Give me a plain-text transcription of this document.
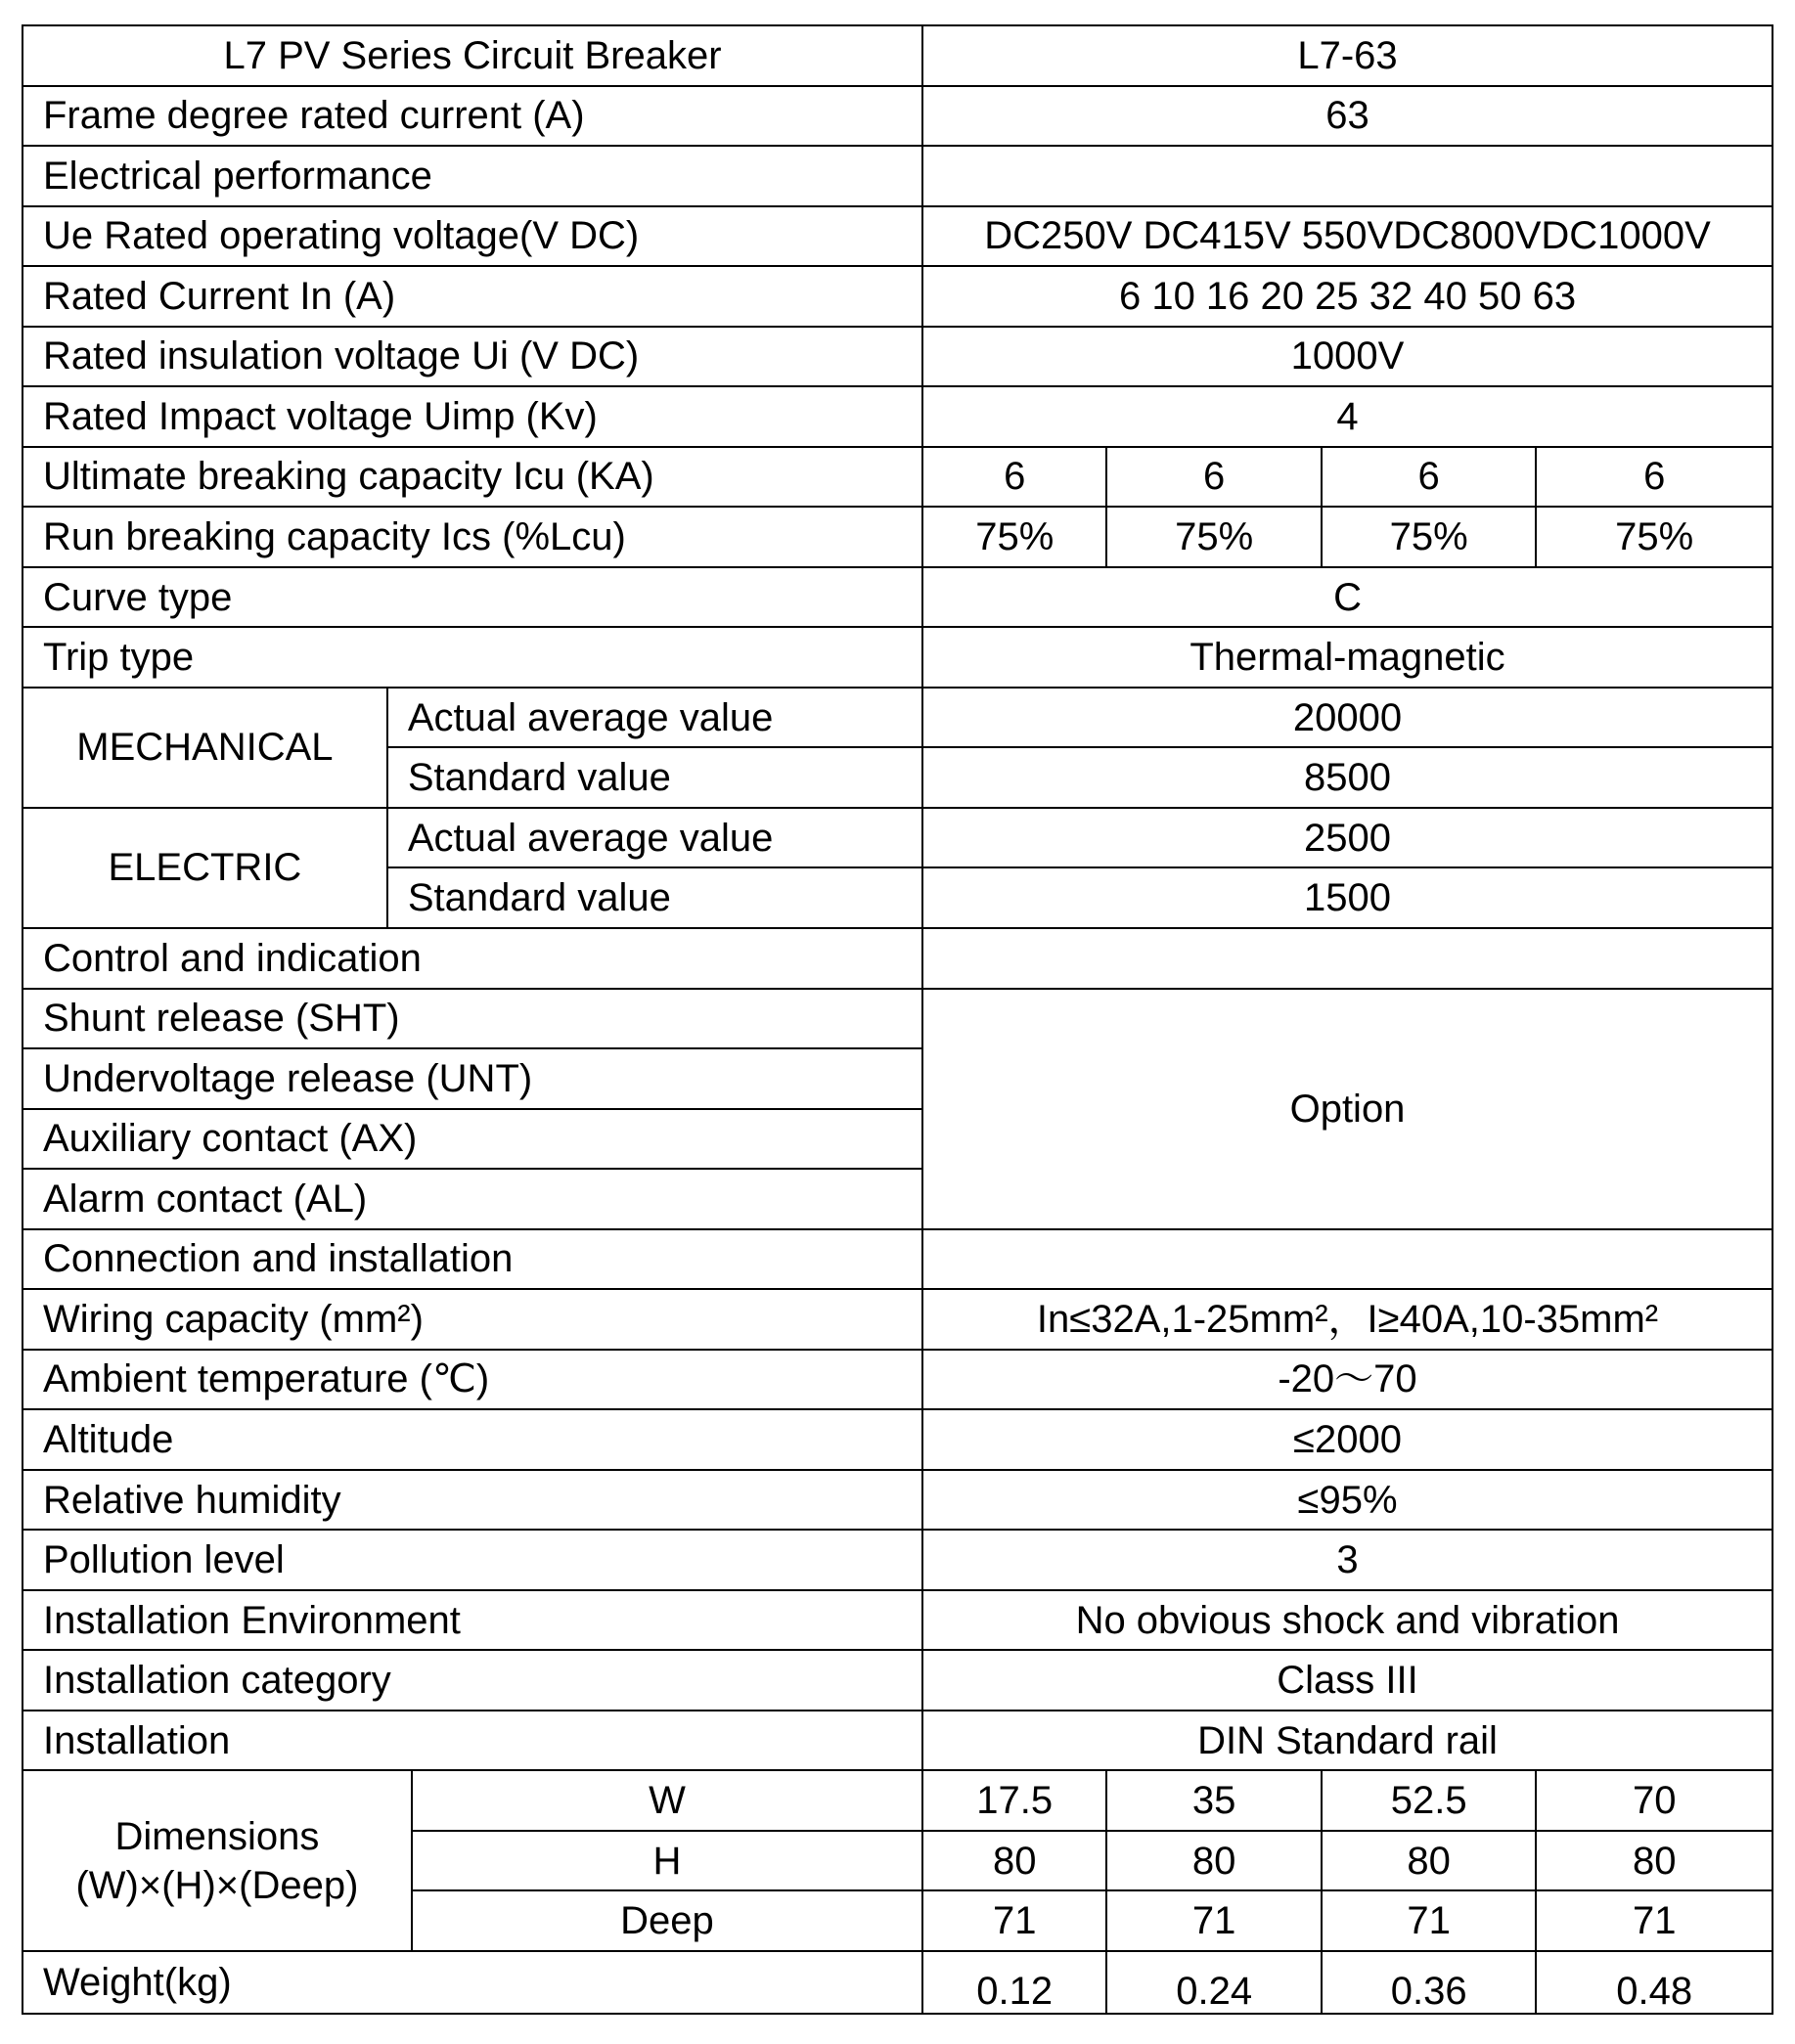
L7 PV Series Circuit Breaker			L7-63			
Frame degree rated current (A)			63			
Electrical performance						
Ue Rated operating voltage(V DC)			DC250V DC415V 550VDC800VDC1000V			
Rated Current In (A)			6 10 16 20 25 32 40 50 63			
Rated insulation voltage Ui (V DC)			1000V			
Rated Impact voltage Uimp (Kv)			4			
Ultimate breaking capacity Icu (KA)			6	6	6	6
Run breaking capacity Ics (%Lcu)			75%	75%	75%	75%
Curve type			C			
Trip type			Thermal-magnetic			
MECHANICAL	Actual average value		20000			
	Standard value		8500			
ELECTRIC	Actual average value		2500			
	Standard value		1500			
Control and indication						
Shunt release (SHT)			Option			
Undervoltage release (UNT)						
Auxiliary contact (AX)						
Alarm contact (AL)						
Connection and installation						
Wiring capacity (mm²)			In≤32A,1-25mm²，I≥40A,10-35mm²			
Ambient temperature (℃)			-20～70			
Altitude			≤2000			
Relative humidity			≤95%			
Pollution level			3			
Installation Environment			No obvious shock and vibration			
Installation category			Class III			
Installation			DIN Standard rail			
Dimensions (W)×(H)×(Deep)		W	17.5	35	52.5	70
		H	80	80	80	80
		Deep	71	71	71	71
Weight(kg)			0.12	0.24	0.36	0.48
